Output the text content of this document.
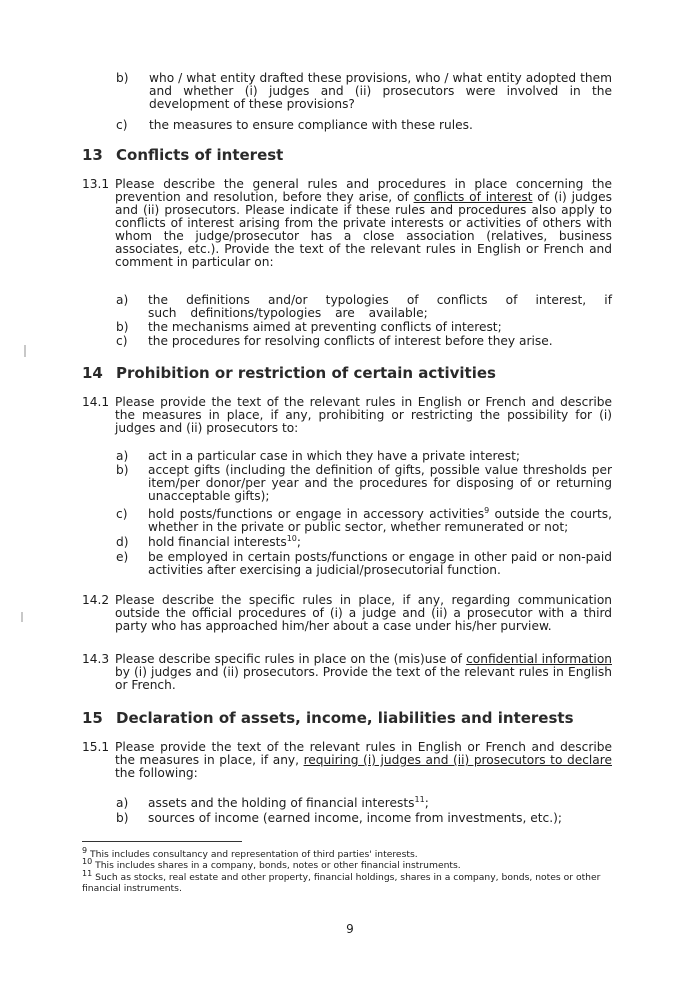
b) who / what entity drafted these provisions, who / what entity adopted them and whether (i) judges and (ii) prosecutors were involved in the development of these provisions?
c) the measures to ensure compliance with these rules.
13 Conflicts of interest
13.1 Please describe the general rules and procedures in place concerning the prevention and resolution, before they arise, of conflicts of interest of (i) judges and (ii) prosecutors. Please indicate if these rules and procedures also apply to conflicts of interest arising from the private interests or activities of others with whom the judge/prosecutor has a close association (relatives, business associates, etc.). Provide the text of the relevant rules in English or French and comment in particular on:
a) the definitions and/or typologies of conflicts of interest, if such definitions/typologies are available;
b) the mechanisms aimed at preventing conflicts of interest;
c) the procedures for resolving conflicts of interest before they arise.
14 Prohibition or restriction of certain activities
14.1 Please provide the text of the relevant rules in English or French and describe the measures in place, if any, prohibiting or restricting the possibility for (i) judges and (ii) prosecutors to:
a) act in a particular case in which they have a private interest;
b) accept gifts (including the definition of gifts, possible value thresholds per item/per donor/per year and the procedures for disposing of or returning unacceptable gifts);
c) hold posts/functions or engage in accessory activities$^9$ outside the courts, whether in the private or public sector, whether remunerated or not;
d) hold financial interests$^{10}$;
e) be employed in certain posts/functions or engage in other paid or non-paid activities after exercising a judicial/prosecutorial function.
14.2 Please describe the specific rules in place, if any, regarding communication outside the official procedures of (i) a judge and (ii) a prosecutor with a third party who has approached him/her about a case under his/her purview.
14.3 Please describe specific rules in place on the (mis)use of confidential information by (i) judges and (ii) prosecutors. Provide the text of the relevant rules in English or French.
15 Declaration of assets, income, liabilities and interests
15.1 Please provide the text of the relevant rules in English or French and describe the measures in place, if any, requiring (i) judges and (ii) prosecutors to declare the following:
a) assets and the holding of financial interests$^{11}$;
b) sources of income (earned income, income from investments, etc.);
$^9$ This includes consultancy and representation of third parties' interests.
$^{10}$ This includes shares in a company, bonds, notes or other financial instruments.
$^{11}$ Such as stocks, real estate and other property, financial holdings, shares in a company, bonds, notes or other financial instruments.
9
